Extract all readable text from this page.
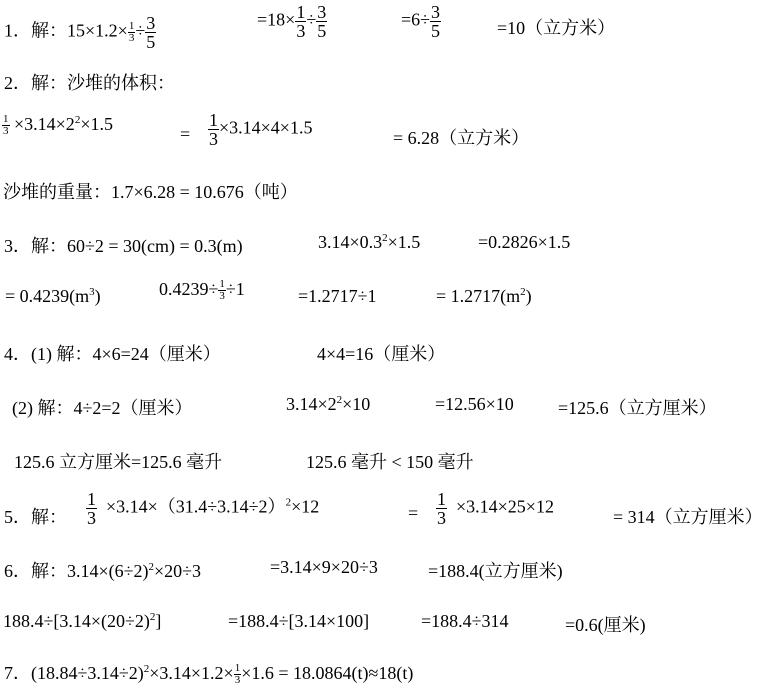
1．解：$15\times 1.2\times \frac{1}{3} \div \frac{3}{5}$	$=18\times \frac{1}{3} \div \frac{3}{5}$	$=6\div \frac{3}{5}$	=10（立方米）
2．解：沙堆的体积：
$\frac{1}{3} \times 3.14\times 2^2\times 1.5$	= $\frac{1}{3} \times 3.14\times 4\times 1.5$
= 6.28（立方米）
沙堆的重量：1.7×6.28 = 10.676（吨）
3．解：60÷2 = 30(cm) = 0.3(m)	$3.14\times 0.3^2\times 1.5$	=0.2826×1.5
= $0.4239(m^3)$	$0.4239\div \frac{1}{3} \div 1$	=1.2717÷1	= $1.2717(m^2)$
4．(1) 解：4×6=24（厘米）	4×4=16（厘米）
(2) 解：4÷2=2（厘米）	$3.14\times 2^2\times 10$	=12.56×10 =125.6（立方厘米）
125.6 立方厘米=125.6 毫升	125.6 毫升 < 150 毫升
5．解： $\frac{1}{3} \times 3.14\times(31.4\div 3.14\div 2)^2\times 12$	= $\frac{1}{3} \times 3.14\times 25\times 12$
= 314（立方厘米）
6．解：$3.14\times(6\div 2)^2\times 20\div 3$	=3.14×9×20÷3	=188.4(立方厘米)
$188.4\div[3.14\times(20\div 2)^2]$	=188.4÷[3.14×100]	=188.4÷314	=0.6(厘米)
7．$(18.84\div 3.14\div 2)^2\times 3.14\times 1.2\times \frac{1}{3} \times 1.6 = 18.0864(t)\approx 18(t)$
